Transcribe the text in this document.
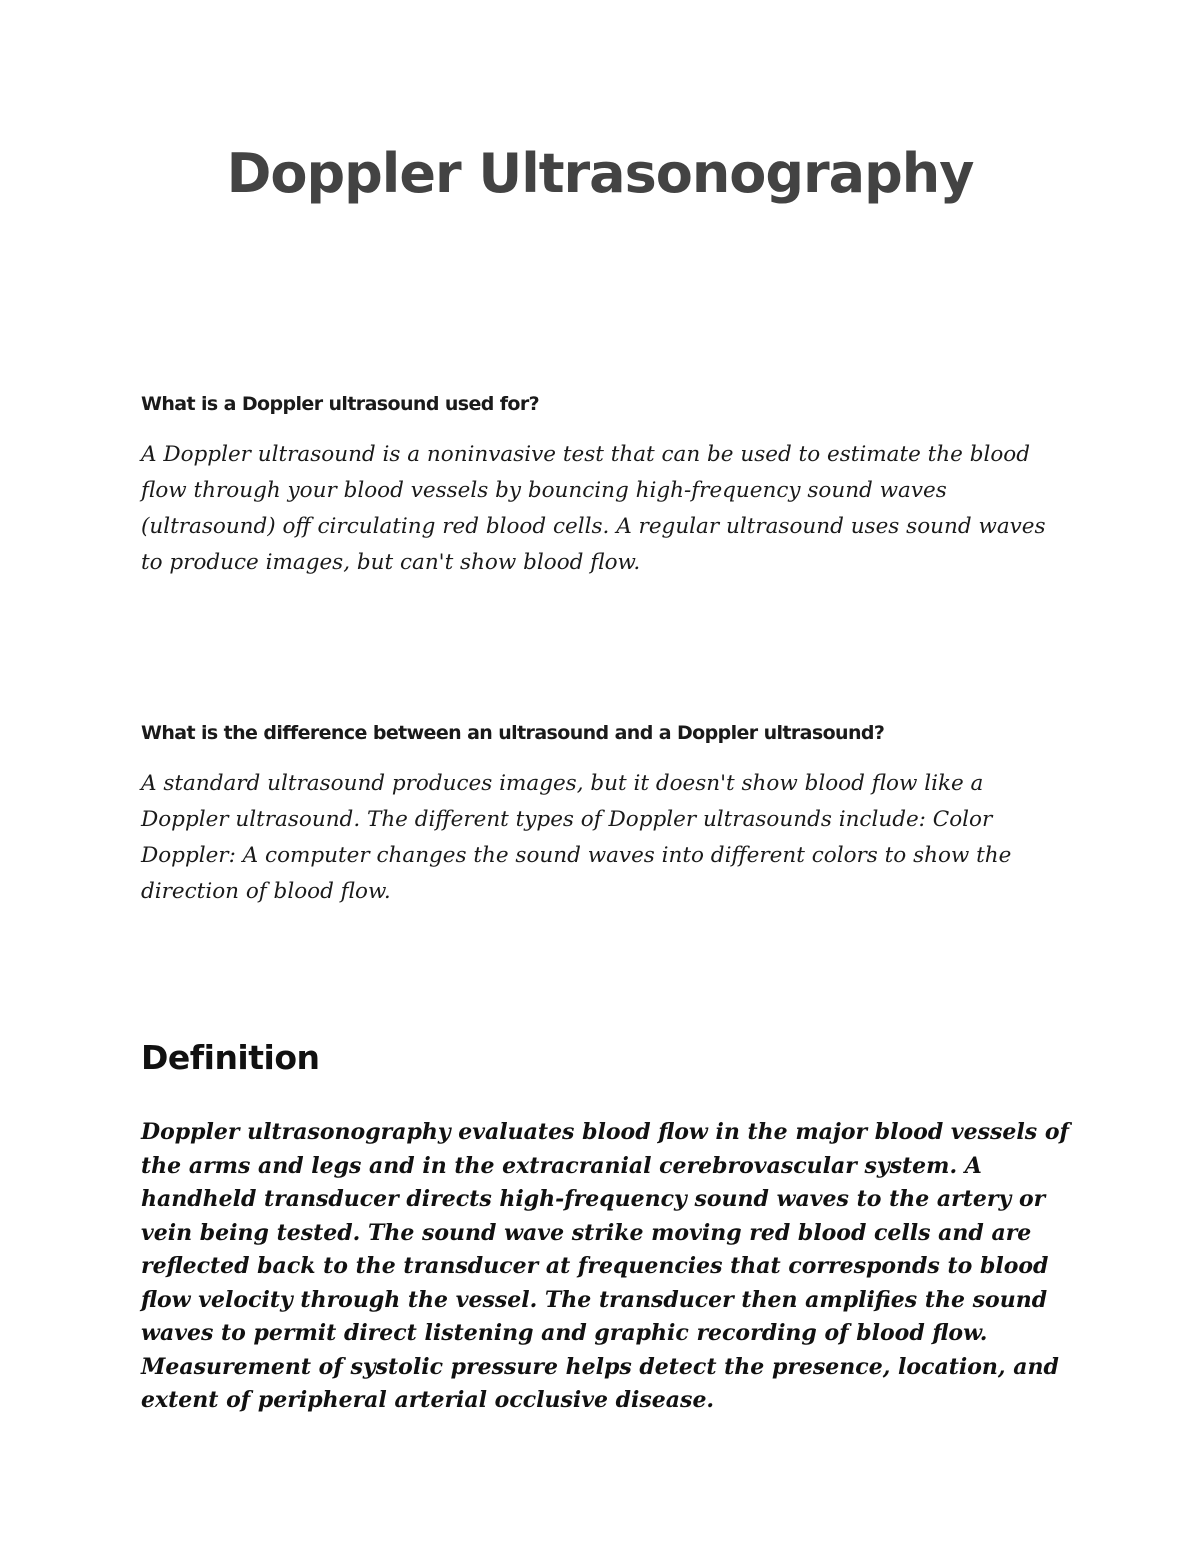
Doppler Ultrasonography
What is a Doppler ultrasound used for?

A Doppler ultrasound is a noninvasive test that can be used to estimate the blood flow through your blood vessels by bouncing high-frequency sound waves (ultrasound) off circulating red blood cells. A regular ultrasound uses sound waves to produce images, but can't show blood flow.

What is the difference between an ultrasound and a Doppler ultrasound?

A standard ultrasound produces images, but it doesn't show blood flow like a Doppler ultrasound. The different types of Doppler ultrasounds include: Color Doppler: A computer changes the sound waves into different colors to show the direction of blood flow.

Definition

Doppler ultrasonography evaluates blood flow in the major blood vessels of the arms and legs and in the extracranial cerebrovascular system. A handheld transducer directs high-frequency sound waves to the artery or vein being tested. The sound wave strike moving red blood cells and are reflected back to the transducer at frequencies that corresponds to blood flow velocity through the vessel. The transducer then amplifies the sound waves to permit direct listening and graphic recording of blood flow. Measurement of systolic pressure helps detect the presence, location, and extent of peripheral arterial occlusive disease.
